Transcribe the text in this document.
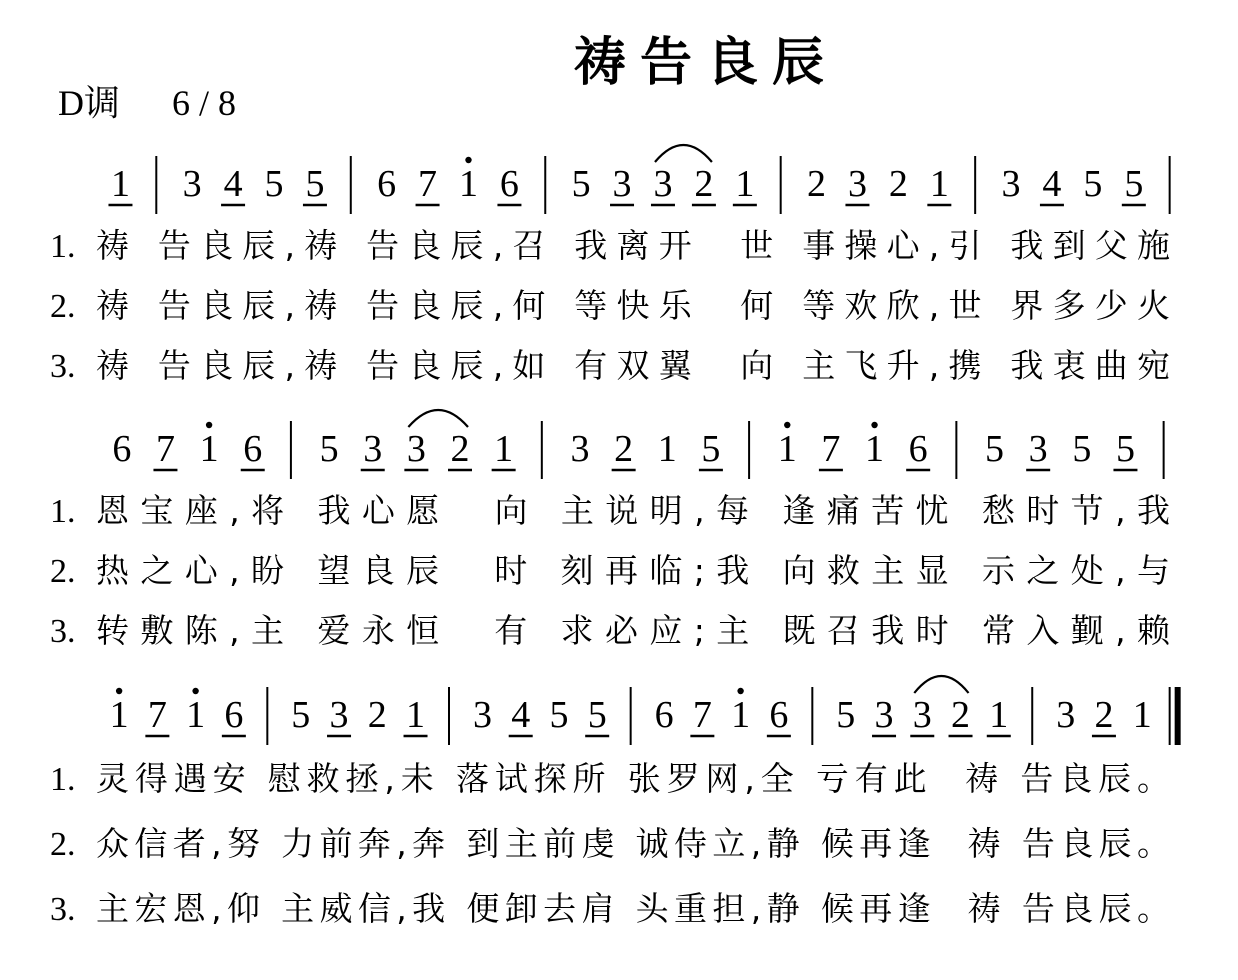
祷告良辰
D调 6 / 8
1 3 4 5 5 6 7 1 6 5 3 3 2 1 2 3 2 1 3 4 5 5
1. 祷 告良辰,祷 告良辰,召 我离开  世 事操心,引 我到父施
2. 祷 告良辰,祷 告良辰,何 等快乐  何 等欢欣,世 界多少火
3. 祷 告良辰,祷 告良辰,如 有双翼  向 主飞升,携 我衷曲宛
6 7 1 6 5 3 3 2 1 3 2 1 5 1 7 1 6 5 3 5 5
1. 恩宝座,将 我心愿  向 主说明,每 逢痛苦忧 愁时节,我
2. 热之心,盼 望良辰  时 刻再临;我 向救主显 示之处,与
3. 转敷陈,主 爱永恒  有 求必应;主 既召我时 常入觐,赖
1 7 1 6 5 3 2 1 3 4 5 5 6 7 1 6 5 3 3 2 1 3 2 1
1. 灵得遇安 慰救拯,未 落试探所 张罗网,全 亏有此  祷 告良辰。
2. 众信者,努 力前奔,奔 到主前虔 诚侍立,静 候再逢  祷 告良辰。
3. 主宏恩,仰 主威信,我 便卸去肩 头重担,静 候再逢  祷 告良辰。
